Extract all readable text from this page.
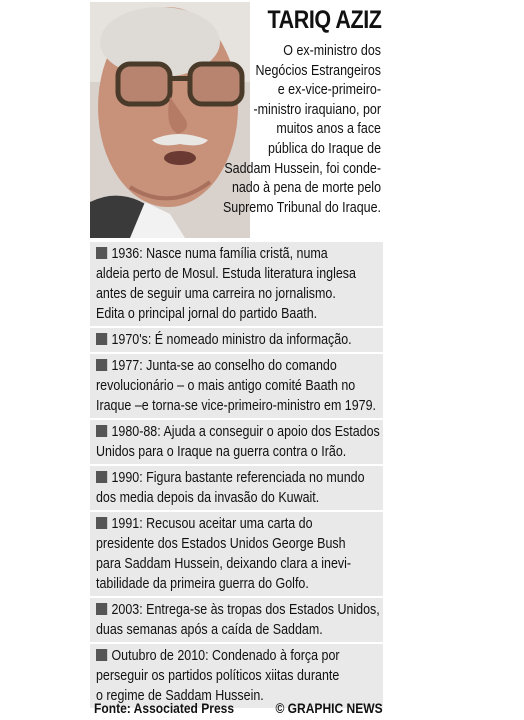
TARIQ AZIZ

O ex-ministro dos
Negócios Estrangeiros
e ex-vice-primeiro-
-ministro iraquiano, por
muitos anos a face
pública do Iraque de
Saddam Hussein, foi conde-
nado à pena de morte pelo
Supremo Tribunal do Iraque.

1936: Nasce numa família cristã, numa
aldeia perto de Mosul. Estuda literatura inglesa
antes de seguir uma carreira no jornalismo.
Edita o principal jornal do partido Baath.
1970's: É nomeado ministro da informação.
1977: Junta-se ao conselho do comando
revolucionário – o mais antigo comité Baath no
Iraque –e torna-se vice-primeiro-ministro em 1979.
1980-88: Ajuda a conseguir o apoio dos Estados
Unidos para o Iraque na guerra contra o Irão.
1990: Figura bastante referenciada no mundo
dos media depois da invasão do Kuwait.
1991: Recusou aceitar uma carta do
presidente dos Estados Unidos George Bush
para Saddam Hussein, deixando clara a inevi-
tabilidade da primeira guerra do Golfo.
2003: Entrega-se às tropas dos Estados Unidos,
duas semanas após a caída de Saddam.
Outubro de 2010: Condenado à força por
perseguir os partidos políticos xiitas durante
o regime de Saddam Hussein.
Fonte: Associated Press	© GRAPHIC NEWS
